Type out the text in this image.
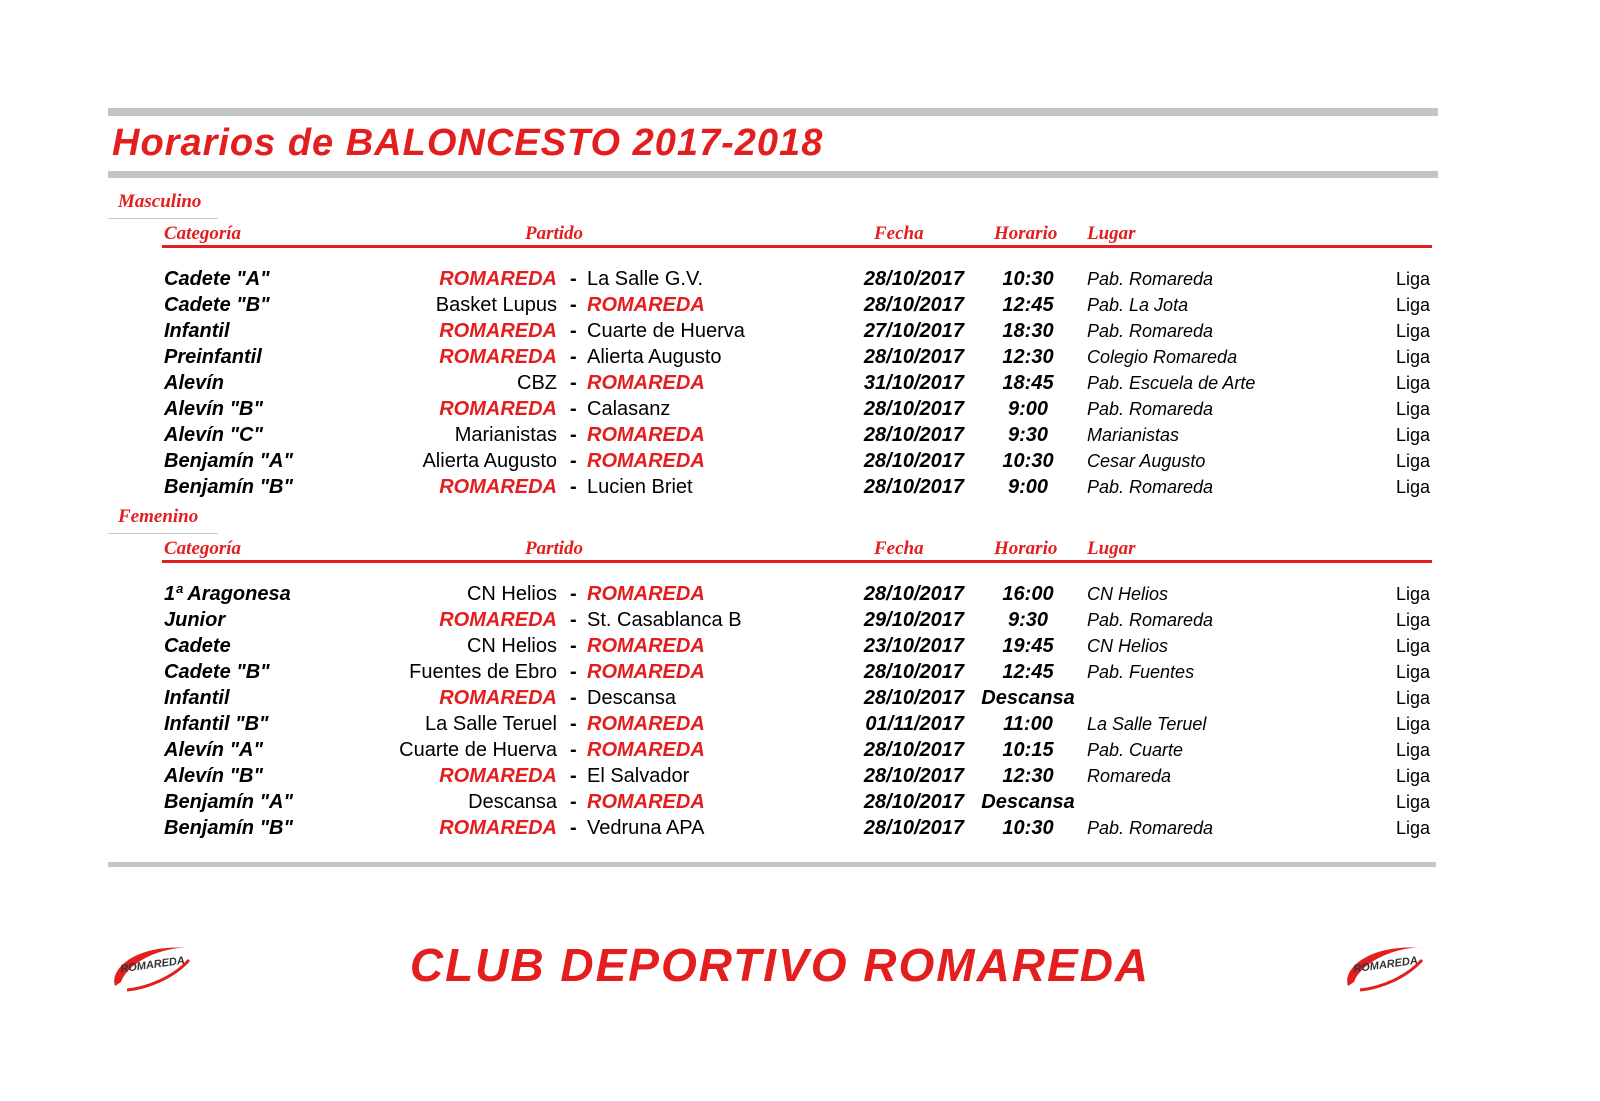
Horarios de BALONCESTO 2017-2018
Masculino
Categoría	Partido	Fecha	Horario Lugar
Cadete "A"	ROMAREDA - La Salle G.V.	28/10/2017 10:30 Pab. Romareda	Liga
Cadete "B"	Basket Lupus - ROMAREDA	28/10/2017 12:45 Pab. La Jota	Liga
Infantil	ROMAREDA - Cuarte de Huerva	27/10/2017 18:30 Pab. Romareda	Liga
Preinfantil	ROMAREDA - Alierta Augusto	28/10/2017 12:30 Colegio Romareda	Liga
Alevín	CBZ - ROMAREDA	31/10/2017 18:45 Pab. Escuela de Arte	Liga
Alevín "B"	ROMAREDA - Calasanz	28/10/2017 9:00 Pab. Romareda	Liga
Alevín "C"	Marianistas - ROMAREDA	28/10/2017 9:30 Marianistas	Liga
Benjamín "A"	Alierta Augusto - ROMAREDA	28/10/2017 10:30 Cesar Augusto	Liga
Benjamín "B"	ROMAREDA - Lucien Briet	28/10/2017 9:00 Pab. Romareda	Liga
Femenino
Categoría	Partido	Fecha	Horario Lugar
1ª Aragonesa	CN Helios - ROMAREDA	28/10/2017 16:00 CN Helios	Liga
Junior	ROMAREDA - St. Casablanca B	29/10/2017 9:30 Pab. Romareda	Liga
Cadete	CN Helios - ROMAREDA	23/10/2017 19:45 CN Helios	Liga
Cadete "B"	Fuentes de Ebro - ROMAREDA	28/10/2017 12:45 Pab. Fuentes	Liga
Infantil	ROMAREDA - Descansa	28/10/2017 Descansa	Liga
Infantil "B"	La Salle Teruel - ROMAREDA	01/11/2017 11:00 La Salle Teruel	Liga
Alevín "A"	Cuarte de Huerva - ROMAREDA	28/10/2017 10:15 Pab. Cuarte	Liga
Alevín "B"	ROMAREDA - El Salvador	28/10/2017 12:30 Romareda	Liga
Benjamín "A"	Descansa - ROMAREDA	28/10/2017 Descansa	Liga
Benjamín "B"	ROMAREDA - Vedruna APA	28/10/2017 10:30 Pab. Romareda	Liga
ROMAREDA	CLUB DEPORTIVO ROMAREDA	ROMAREDA
